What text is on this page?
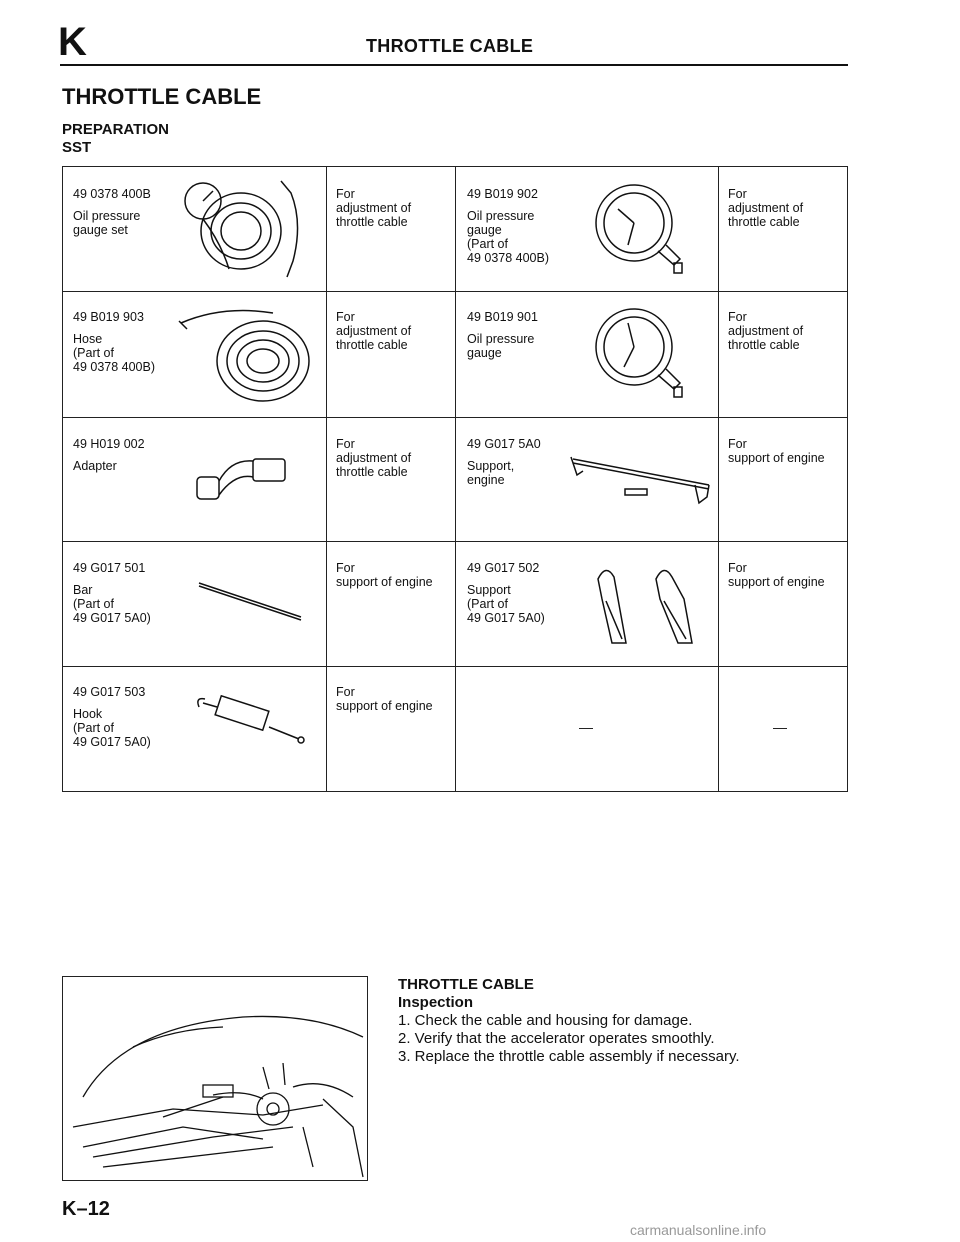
K	THROTTLE CABLE
THROTTLE CABLE
PREPARATION
SST
49 0378 400B
Oil pressure
gauge set
For
adjustment of
throttle cable
49 B019 902
Oil pressure
gauge
(Part of
49 0378 400B)
For
adjustment of
throttle cable
49 B019 903
Hose
(Part of
49 0378 400B)
For
adjustment of
throttle cable
49 B019 901
Oil pressure
gauge
For
adjustment of
throttle cable
49 H019 002
Adapter
For
adjustment of
throttle cable
49 G017 5A0
Support,
engine
For
support of engine
49 G017 501
Bar
(Part of
49 G017 5A0)
For
support of engine
49 G017 502
Support
(Part of
49 G017 5A0)
For
support of engine
49 G017 503
Hook
(Part of
49 G017 5A0)
For
support of engine
—	—
THROTTLE CABLE
Inspection
1. Check the cable and housing for damage.
2. Verify that the accelerator operates smoothly.
3. Replace the throttle cable assembly if necessary.
K–12
carmanualsonline.info
